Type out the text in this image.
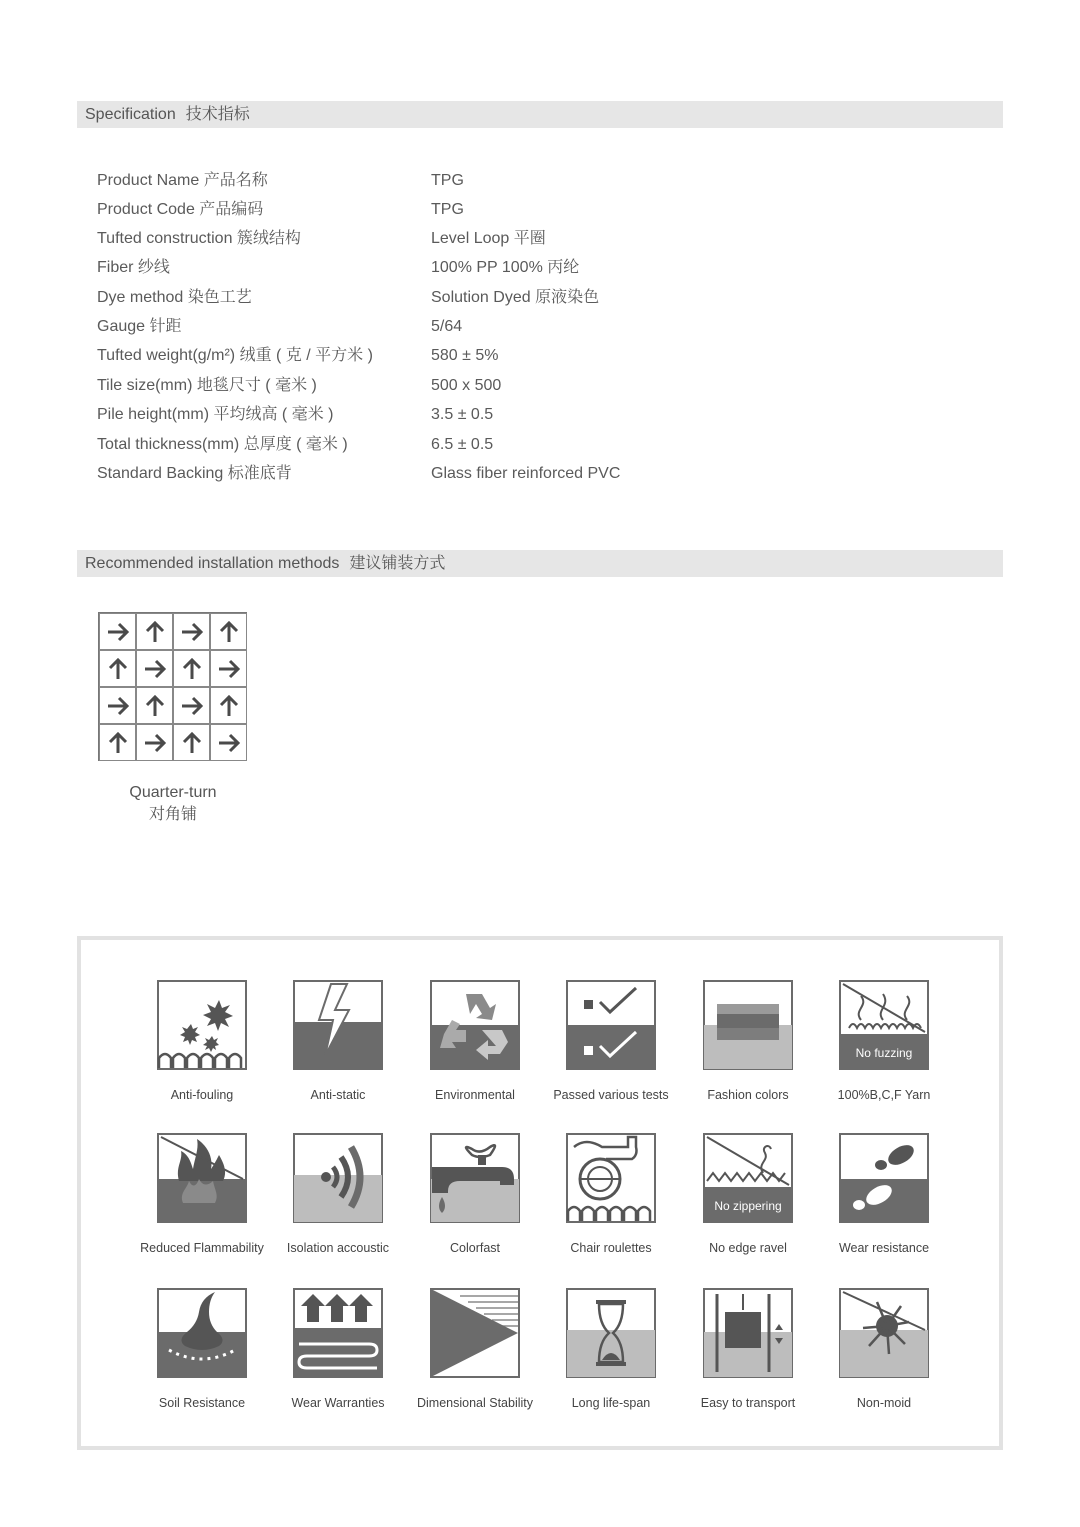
Specification 技术指标
Product Name 产品名称	TPG
Product Code 产品编码	TPG
Tufted construction 簇绒结构	Level Loop 平圈
Fiber 纱线	100% PP 100% 丙纶
Dye method 染色工艺	Solution Dyed 原液染色
Gauge 针距	5/64
Tufted weight(g/m²) 绒重 ( 克 / 平方米 )	580 ± 5%
Tile size(mm) 地毯尺寸 ( 毫米 )	500 x 500
Pile height(mm) 平均绒高 ( 毫米 )	3.5 ± 0.5
Total thickness(mm) 总厚度 ( 毫米 )	6.5 ± 0.5
Standard Backing 标准底背	Glass fiber reinforced PVC
Recommended installation methods 建议铺装方式
Quarter-turn
对角铺
Anti-fouling	Anti-static	Environmental	Passed various tests	Fashion colors
No fuzzing
100%B,C,F Yarn
Reduced Flammability	Isolation accoustic	Colorfast	Chair roulettes
No zippering
No edge ravel	Wear resistance
Soil Resistance	Wear Warranties	Dimensional Stability	Long life-span	Easy to transport	Non-moid
